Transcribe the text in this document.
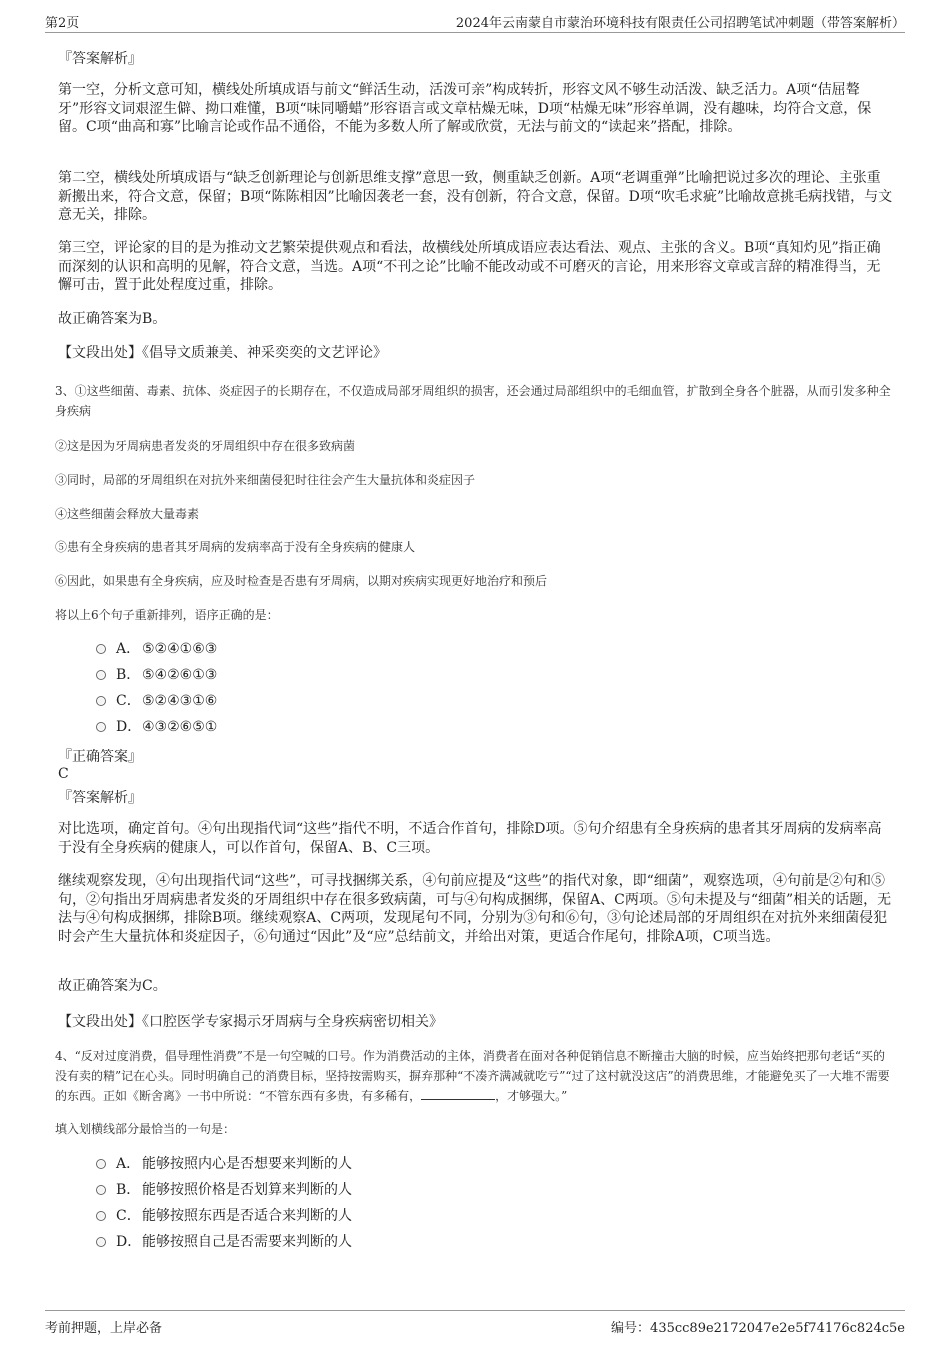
第2页	2024年云南蒙自市蒙治环境科技有限责任公司招聘笔试冲刺题（带答案解析）

『答案解析』

第一空，分析文意可知，横线处所填成语与前文“鲜活生动，活泼可亲”构成转折，形容文风不够生动活泼、缺乏活力。A项“佶屈聱牙”形容文词艰涩生僻、拗口难懂，B项“味同嚼蜡”形容语言或文章枯燥无味，D项“枯燥无味”形容单调，没有趣味，均符合文意，保留。C项“曲高和寡”比喻言论或作品不通俗，不能为多数人所了解或欣赏，无法与前文的“读起来”搭配，排除。

第二空，横线处所填成语与“缺乏创新理论与创新思维支撑”意思一致，侧重缺乏创新。A项“老调重弹”比喻把说过多次的理论、主张重新搬出来，符合文意，保留；B项“陈陈相因”比喻因袭老一套，没有创新，符合文意，保留。D项“吹毛求疵”比喻故意挑毛病找错，与文意无关，排除。

第三空，评论家的目的是为推动文艺繁荣提供观点和看法，故横线处所填成语应表达看法、观点、主张的含义。B项“真知灼见”指正确而深刻的认识和高明的见解，符合文意，当选。A项“不刊之论”比喻不能改动或不可磨灭的言论，用来形容文章或言辞的精准得当，无懈可击，置于此处程度过重，排除。

故正确答案为B。

【文段出处】《倡导文质兼美、神采奕奕的文艺评论》

3、①这些细菌、毒素、抗体、炎症因子的长期存在，不仅造成局部牙周组织的损害，还会通过局部组织中的毛细血管，扩散到全身各个脏器，从而引发多种全身疾病

②这是因为牙周病患者发炎的牙周组织中存在很多致病菌

③同时，局部的牙周组织在对抗外来细菌侵犯时往往会产生大量抗体和炎症因子

④这些细菌会释放大量毒素

⑤患有全身疾病的患者其牙周病的发病率高于没有全身疾病的健康人

⑥因此，如果患有全身疾病，应及时检查是否患有牙周病，以期对疾病实现更好地治疗和预后

将以上6个句子重新排列，语序正确的是：

A． ⑤②④①⑥③
B． ⑤④②⑥①③
C．⑤②④③①⑥
D．④③②⑥⑤①

『正确答案』

C

『答案解析』

对比选项，确定首句。④句出现指代词“这些”指代不明，不适合作首句，排除D项。⑤句介绍患有全身疾病的患者其牙周病的发病率高于没有全身疾病的健康人，可以作首句，保留A、B、C三项。

继续观察发现，④句出现指代词“这些”，可寻找捆绑关系，④句前应提及“这些”的指代对象，即“细菌”，观察选项，④句前是②句和⑤句，②句指出牙周病患者发炎的牙周组织中存在很多致病菌，可与④句构成捆绑，保留A、C两项。⑤句未提及与“细菌”相关的话题，无法与④句构成捆绑，排除B项。继续观察A、C两项，发现尾句不同，分别为③句和⑥句，③句论述局部的牙周组织在对抗外来细菌侵犯时会产生大量抗体和炎症因子，⑥句通过“因此”及“应”总结前文，并给出对策，更适合作尾句，排除A项，C项当选。

故正确答案为C。

【文段出处】《口腔医学专家揭示牙周病与全身疾病密切相关》

4、“反对过度消费，倡导理性消费”不是一句空喊的口号。作为消费活动的主体，消费者在面对各种促销信息不断撞击大脑的时候，应当始终把那句老话“买的没有卖的精”记在心头。同时明确自己的消费目标，坚持按需购买，摒弃那种“不凑齐满减就吃亏”“过了这村就没这店”的消费思维，才能避免买了一大堆不需要的东西。正如《断舍离》一书中所说：“不管东西有多贵，有多稀有，	，才够强大。”

填入划横线部分最恰当的一句是：

A． 能够按照内心是否想要来判断的人
B． 能够按照价格是否划算来判断的人
C．能够按照东西是否适合来判断的人
D．能够按照自己是否需要来判断的人
考前押题，上岸必备	编号：435cc89e2172047e2e5f74176c824c5e
